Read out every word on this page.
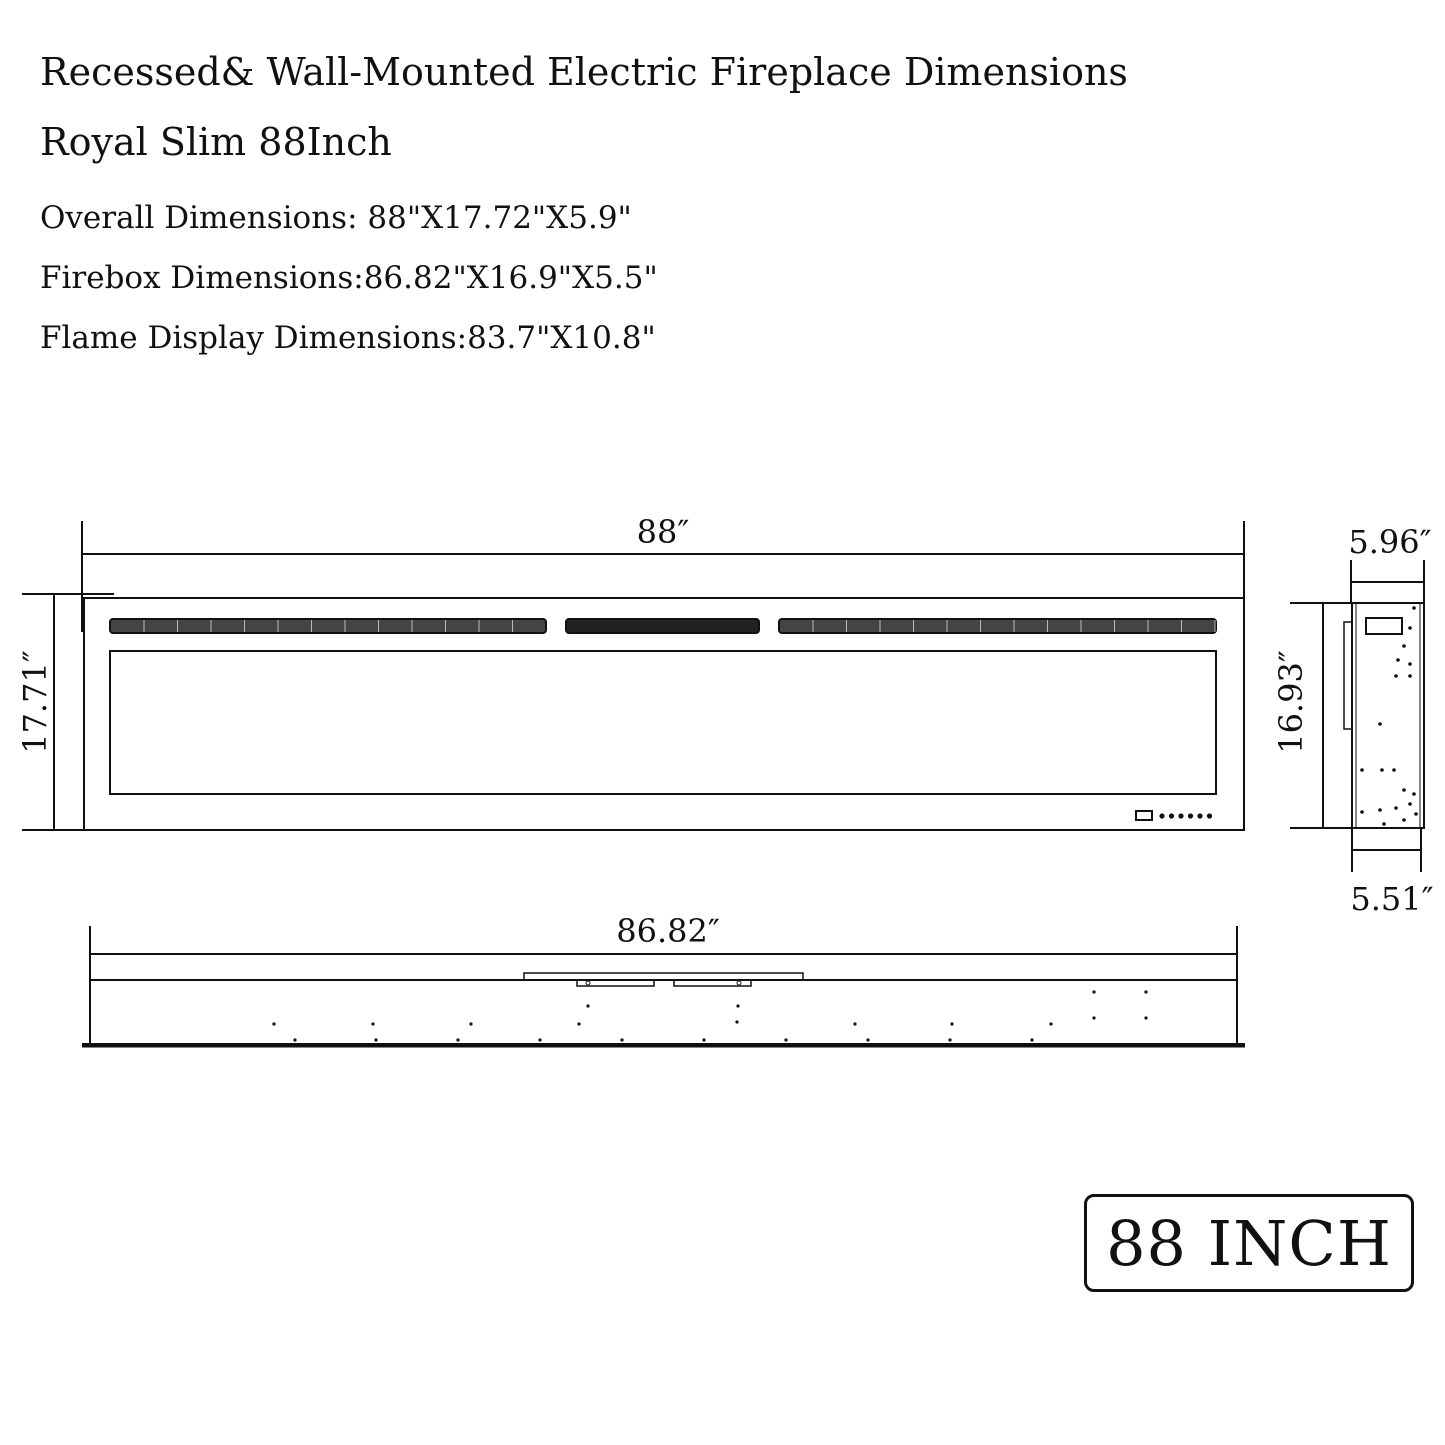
Recessed& Wall-Mounted Electric Fireplace Dimensions
Royal Slim 88Inch
Overall Dimensions: 88"X17.72"X5.9"
Firebox Dimensions:86.82"X16.9"X5.5"
Flame Display Dimensions:83.7"X10.8"
88″
17.71″
5.96″
16.93″
5.51″
86.82″
88 INCH
